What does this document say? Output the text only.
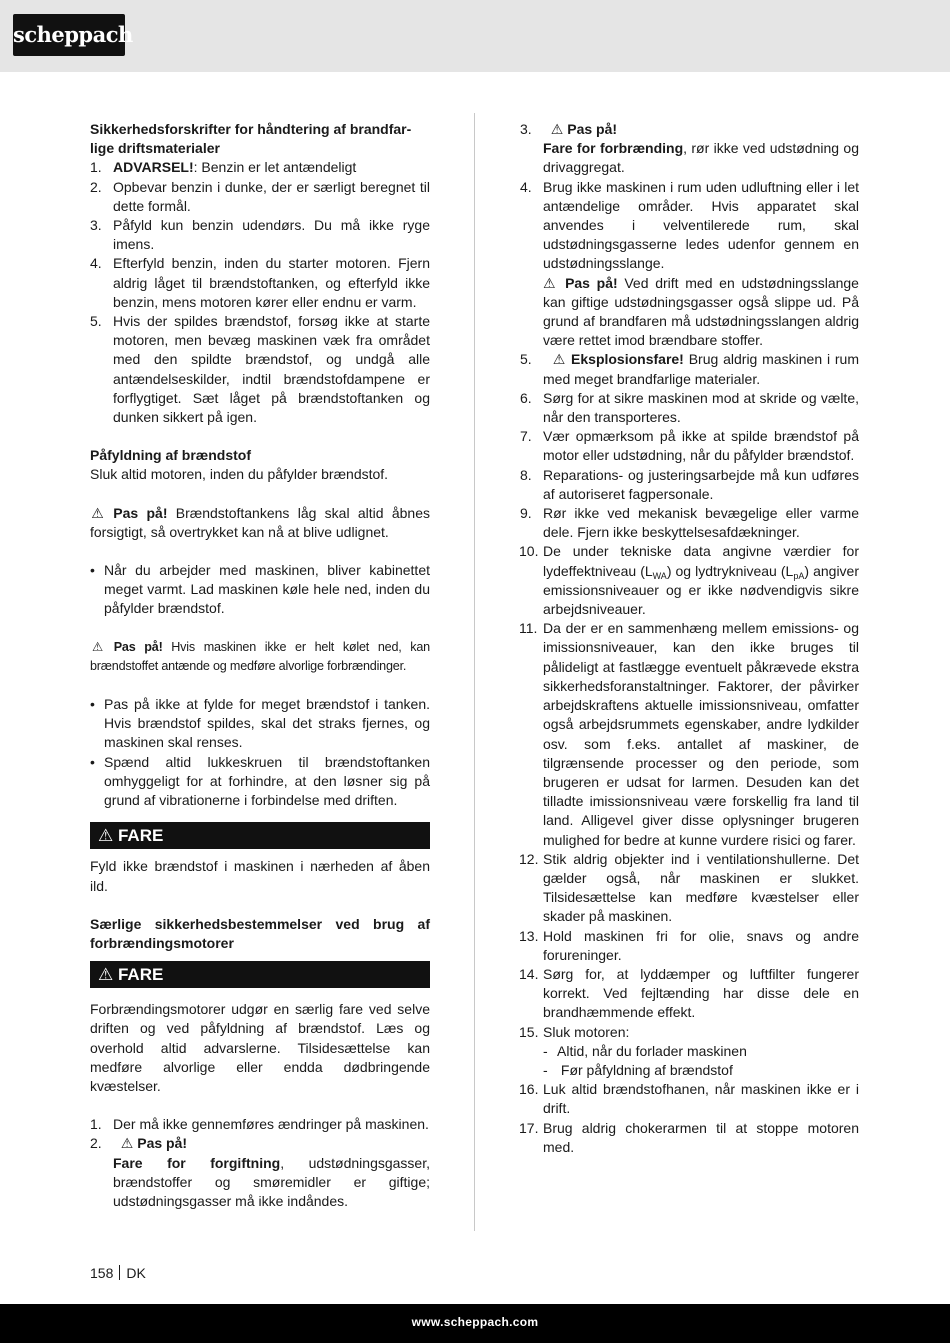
scheppach

Sikkerhedsforskrifter for håndtering af brandfar-lige driftsmaterialer

1. ADVARSEL!: Benzin er let antændeligt
2. Opbevar benzin i dunke, der er særligt beregnet til dette formål.
3. Påfyld kun benzin udendørs. Du må ikke ryge imens.
4. Efterfyld benzin, inden du starter motoren. Fjern aldrig låget til brændstoftanken, og efterfyld ikke benzin, mens motoren kører eller endnu er varm.
5. Hvis der spildes brændstof, forsøg ikke at starte motoren, men bevæg maskinen væk fra området med den spildte brændstof, og undgå alle antændelseskilder, indtil brændstofdampene er forflygtiget. Sæt låget på brændstoftanken og dunken sikkert på igen.

Påfyldning af brændstof

Sluk altid motoren, inden du påfylder brændstof.

⚠ Pas på! Brændstoftankens låg skal altid åbnes forsigtigt, så overtrykket kan nå at blive udlignet.

• Når du arbejder med maskinen, bliver kabinettet meget varmt. Lad maskinen køle hele ned, inden du påfylder brændstof.

⚠ Pas på! Hvis maskinen ikke er helt kølet ned, kan brændstoffet antænde og medføre alvorlige forbrændinger.

• Pas på ikke at fylde for meget brændstof i tanken. Hvis brændstof spildes, skal det straks fjernes, og maskinen skal renses.
• Spænd altid lukkeskruen til brændstoftanken omhyggeligt for at forhindre, at den løsner sig på grund af vibrationerne i forbindelse med driften.
⚠ FARE

Fyld ikke brændstof i maskinen i nærheden af åben ild.

Særlige sikkerhedsbestemmelser ved brug af forbrændingsmotorer

⚠ FARE

Forbrændingsmotorer udgør en særlig fare ved selve driften og ved påfyldning af brændstof. Læs og overhold altid advarslerne. Tilsidesættelse kan medføre alvorlige eller endda dødbringende kvæstelser.

1. Der må ikke gennemføres ændringer på maskinen.
2. ⚠ Pas på!
Fare for forgiftning, udstødningsgasser, brændstoffer og smøremidler er giftige; udstødningsgasser må ikke indåndes.
3. ⚠ Pas på!
Fare for forbrænding, rør ikke ved udstødning og drivaggregat.
4. Brug ikke maskinen i rum uden udluftning eller i let antændelige områder. Hvis apparatet skal anvendes i velventilerede rum, skal udstødningsgasserne ledes udenfor gennem en udstødningsslange.
⚠ Pas på! Ved drift med en udstødningsslange kan giftige udstødningsgasser også slippe ud. På grund af brandfaren må udstødningsslangen aldrig være rettet imod brændbare stoffer.
5. ⚠ Eksplosionsfare! Brug aldrig maskinen i rum med meget brandfarlige materialer.
6. Sørg for at sikre maskinen mod at skride og vælte, når den transporteres.
7. Vær opmærksom på ikke at spilde brændstof på motor eller udstødning, når du påfylder brændstof.
8. Reparations- og justeringsarbejde må kun udføres af autoriseret fagpersonale.
9. Rør ikke ved mekanisk bevægelige eller varme dele. Fjern ikke beskyttelsesafdækninger.
10. De under tekniske data angivne værdier for lydeffektniveau $(L_{WA})$ og lydtrykniveau $(L_{pA})$ angiver emissionsniveauer og er ikke nødvendigvis sikre arbejdsniveauer.
11. Da der er en sammenhæng mellem emissions- og imissionsniveauer, kan den ikke bruges til pålideligt at fastlægge eventuelt påkrævede ekstra sikkerhedsforanstaltninger. Faktorer, der påvirker arbejdskraftens aktuelle imissionsniveau, omfatter også arbejdsrummets egenskaber, andre lydkilder osv. som f.eks. antallet af maskiner, de tilgrænsende processer og den periode, som brugeren er udsat for larmen. Desuden kan det tilladte imissionsniveau være forskellig fra land til land. Alligevel giver disse oplysninger brugeren mulighed for bedre at kunne vurdere risici og farer.
12. Stik aldrig objekter ind i ventilationshullerne. Det gælder også, når maskinen er slukket. Tilsidesættelse kan medføre kvæstelser eller skader på maskinen.
13. Hold maskinen fri for olie, snavs og andre forureninger.
14. Sørg for, at lyddæmper og luftfilter fungerer korrekt. Ved fejltænding har disse dele en brandhæmmende effekt.
15. Sluk motoren:
- Altid, når du forlader maskinen
- Før påfyldning af brændstof
16. Luk altid brændstofhanen, når maskinen ikke er i drift.
17. Brug aldrig chokerarmen til at stoppe motoren med.
158 DK
www.scheppach.com
